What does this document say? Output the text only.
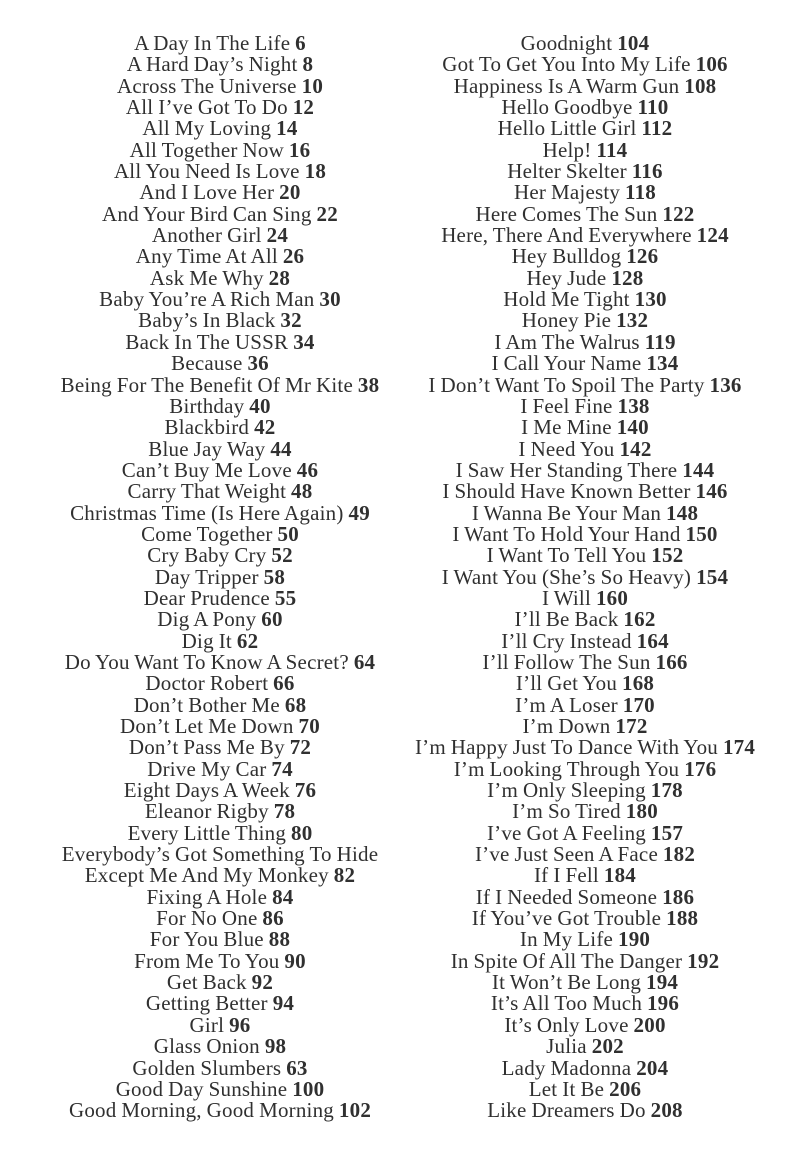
A Day In The Life 6
A Hard Day’s Night 8
Across The Universe 10
All I’ve Got To Do 12
All My Loving 14
All Together Now 16
All You Need Is Love 18
And I Love Her 20
And Your Bird Can Sing 22
Another Girl 24
Any Time At All 26
Ask Me Why 28
Baby You’re A Rich Man 30
Baby’s In Black 32
Back In The USSR 34
Because 36
Being For The Benefit Of Mr Kite 38
Birthday 40
Blackbird 42
Blue Jay Way 44
Can’t Buy Me Love 46
Carry That Weight 48
Christmas Time (Is Here Again) 49
Come Together 50
Cry Baby Cry 52
Day Tripper 58
Dear Prudence 55
Dig A Pony 60
Dig It 62
Do You Want To Know A Secret? 64
Doctor Robert 66
Don’t Bother Me 68
Don’t Let Me Down 70
Don’t Pass Me By 72
Drive My Car 74
Eight Days A Week 76
Eleanor Rigby 78
Every Little Thing 80
Everybody’s Got Something To Hide
Except Me And My Monkey 82
Fixing A Hole 84
For No One 86
For You Blue 88
From Me To You 90
Get Back 92
Getting Better 94
Girl 96
Glass Onion 98
Golden Slumbers 63
Good Day Sunshine 100
Good Morning, Good Morning 102
Goodnight 104
Got To Get You Into My Life 106
Happiness Is A Warm Gun 108
Hello Goodbye 110
Hello Little Girl 112
Help! 114
Helter Skelter 116
Her Majesty 118
Here Comes The Sun 122
Here, There And Everywhere 124
Hey Bulldog 126
Hey Jude 128
Hold Me Tight 130
Honey Pie 132
I Am The Walrus 119
I Call Your Name 134
I Don’t Want To Spoil The Party 136
I Feel Fine 138
I Me Mine 140
I Need You 142
I Saw Her Standing There 144
I Should Have Known Better 146
I Wanna Be Your Man 148
I Want To Hold Your Hand 150
I Want To Tell You 152
I Want You (She’s So Heavy) 154
I Will 160
I’ll Be Back 162
I’ll Cry Instead 164
I’ll Follow The Sun 166
I’ll Get You 168
I’m A Loser 170
I’m Down 172
I’m Happy Just To Dance With You 174
I’m Looking Through You 176
I’m Only Sleeping 178
I’m So Tired 180
I’ve Got A Feeling 157
I’ve Just Seen A Face 182
If I Fell 184
If I Needed Someone 186
If You’ve Got Trouble 188
In My Life 190
In Spite Of All The Danger 192
It Won’t Be Long 194
It’s All Too Much 196
It’s Only Love 200
Julia 202
Lady Madonna 204
Let It Be 206
Like Dreamers Do 208
